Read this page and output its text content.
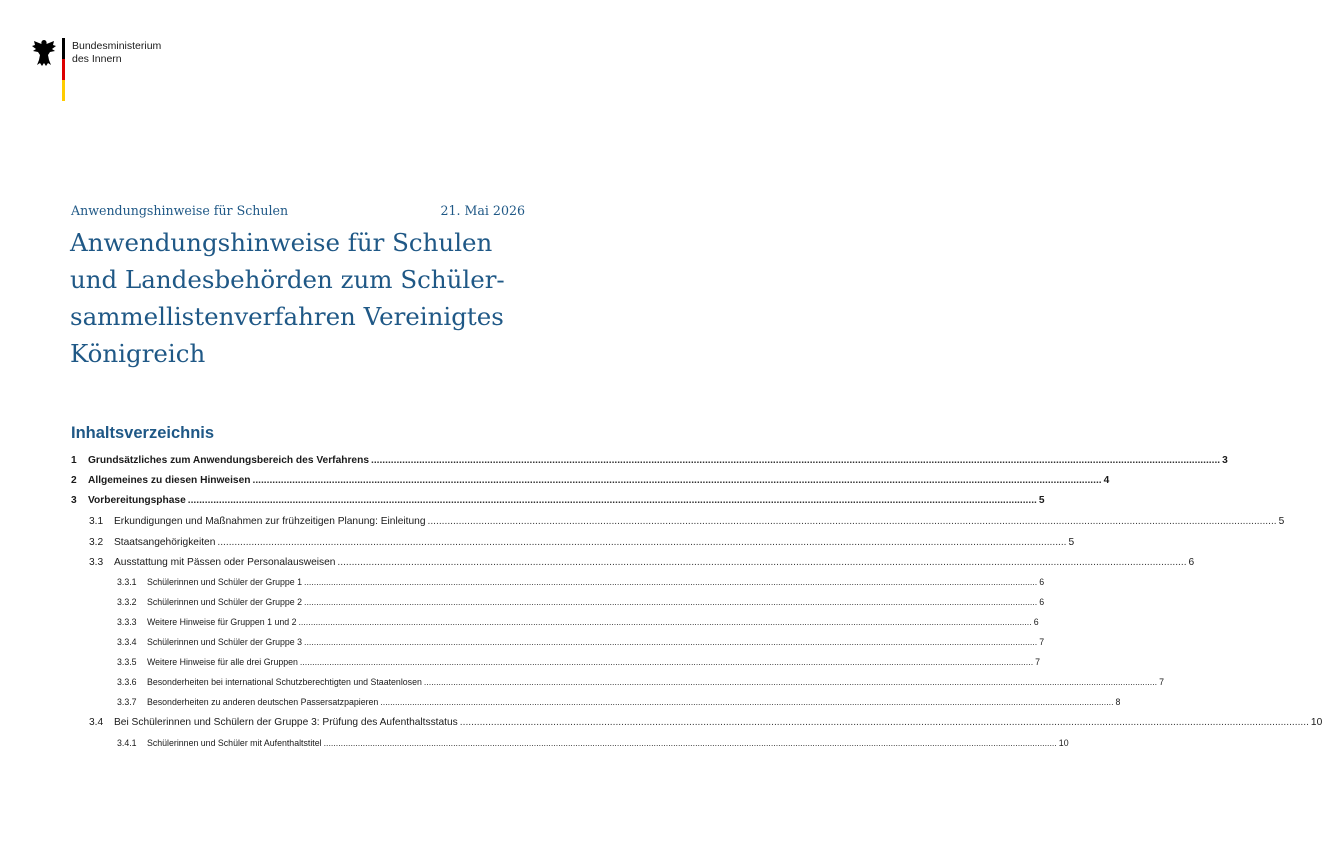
Bundesministerium
des Innern
Anwendungshinweise für Schulen	21. Mai 2026
Anwendungshinweise für Schulen
und Landesbehörden zum Schüler-
sammellistenverfahren Vereinigtes
Königreich
Inhaltsverzeichnis
1	Grundsätzliches zum Anwendungsbereich des Verfahrens ............................................................................................................................................................................................................................................................................................................ 3
2	Allgemeines zu diesen Hinweisen ............................................................................................................................................................................................................................................................................................................ 4
3	Vorbereitungsphase ............................................................................................................................................................................................................................................................................................................ 5
3.1	Erkundigungen und Maßnahmen zur frühzeitigen Planung: Einleitung ............................................................................................................................................................................................................................................................................................................ 5
3.2	Staatsangehörigkeiten ............................................................................................................................................................................................................................................................................................................ 5
3.3	Ausstattung mit Pässen oder Personalausweisen ............................................................................................................................................................................................................................................................................................................ 6
3.3.1	Schülerinnen und Schüler der Gruppe 1 ............................................................................................................................................................................................................................................................................................................ 6
3.3.2	Schülerinnen und Schüler der Gruppe 2 ............................................................................................................................................................................................................................................................................................................ 6
3.3.3	Weitere Hinweise für Gruppen 1 und 2 ............................................................................................................................................................................................................................................................................................................ 6
3.3.4	Schülerinnen und Schüler der Gruppe 3 ............................................................................................................................................................................................................................................................................................................ 7
3.3.5	Weitere Hinweise für alle drei Gruppen ............................................................................................................................................................................................................................................................................................................ 7
3.3.6	Besonderheiten bei international Schutzberechtigten und Staatenlosen ............................................................................................................................................................................................................................................................................................................ 7
3.3.7	Besonderheiten zu anderen deutschen Passersatzpapieren ............................................................................................................................................................................................................................................................................................................ 8
3.4	Bei Schülerinnen und Schülern der Gruppe 3: Prüfung des Aufenthaltsstatus ............................................................................................................................................................................................................................................................................................................ 10
3.4.1	Schülerinnen und Schüler mit Aufenthaltstitel ............................................................................................................................................................................................................................................................................................................ 10
